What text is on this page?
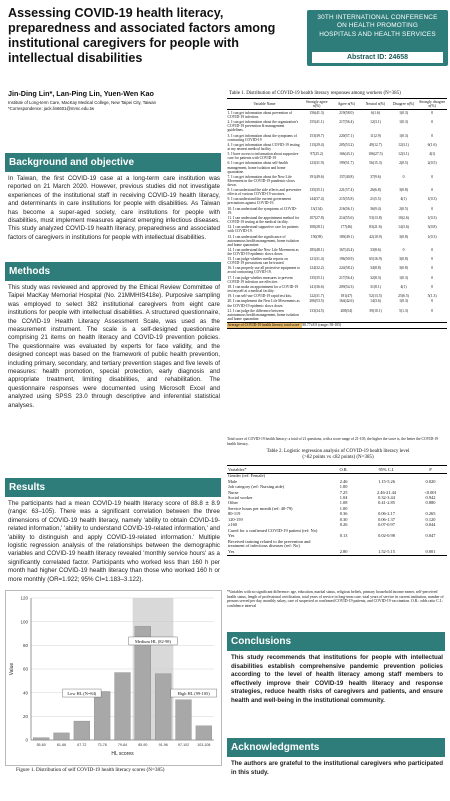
Assessing COVID-19 health literacy, preparedness and associated factors among institutional caregivers for people with intellectual disabilities
30TH INTERNATIONAL CONFERENCE
ON HEALTH PROMOTING
HOSPITALS AND HEALTH SERVICES
Abstract ID: 24658
Jin-Ding Lin*, Lan-Ping Lin, Yuen-Wen Kao
Institute of Long-term Care, MacKay Medical College, New Taipei City, Taiwan
*Correspondence: jack.lin6601@mmc.edu.tw
Background and objective
In Taiwan, the first COVID-19 case at a long-term care institution was reported on 21 March 2020. However, previous studies did not investigate experiences of the institutional staff in receiving COVID-19 health literacy, and determinants in care institutions for people with disabilities. As Taiwan has become a super-aged society, care institutions for people with disabilities, must implement measures against emerging infectious diseases. This study analyzed COVID-19 health literacy, preparedness and associated factors of caregivers in institutions for people with intellectual disabilities.
Methods
This study was reviewed and approved by the Ethical Review Committee of Taipei MacKay Memorial Hospital (No. 21MMHIS418e). Purposive sampling was employed to select 382 institutional caregivers from eight care institutions for people with intellectual disabilities. A structured questionnaire, the COVID-19 Health Literacy Assessment Scale, was used as the measurement instrument. The scale is a self-designed questionnaire comprising 21 items on health literacy and COVID-19 prevention policies. The questionnaire was evaluated by experts for face validity, and the designed concept was based on the framework of public health prevention, including primary, secondary, and tertiary prevention stages and five levels of measures: health promotion, special protection, early diagnosis and appropriate treatment, limiting disabilities, and rehabilitation. The questionnaire responses were documented using Microsoft Excel and analyzed using SPSS 23.0 through descriptive and inferential statistical analyses.
Results
The participants had a mean COVID-19 health literacy score of 88.8 ± 8.9 (range: 63–105). There was a significant correlation between the three dimensions of COVID-19 health literacy, namely 'ability to obtain COVID-19-related information,' 'ability to understand COVID-19-related information,' and 'ability to distinguish and apply COVID-19-related information.' Multiple logistic regression analysis of the relationships between the demographic variables and COVID-19 health literacy revealed 'monthly service hours' as a significantly correlated factor. Participants who worked less than 160 h per month had higher COVID-19 health literacy than those who worked 160 h or more monthly (OR=1.922; 95% CI=1.183–3.122).
0
20
40
60
80
100
120
55-60	61-66	67-72	73-78	79-84	85-90	91-96	97-102 103-108
Low HL (N=84)
Medium HL (82-98)
High HL (99-105)
HL scores
Value
Figure 1. Distribution of self COVID-19 health literacy scores (N=385)
Table 1. Distribution of COVID-19 health literacy responses among workers (N=385)
Variable Name	Strongly agree n(%)	Agree n(%)	Neutral n(%)	Disagree n(%)	Strongly disagree n(%)
1. I can get information about prevention of COVID-19 infection.	156(41.3)	219(58.0)	6(1.6)	1(0.3)	0
2. I can get information about the organization's COVID-19 prevention & management guidelines.	155(41.1)	217(56.4)	12(3.1)	1(0.3)	0
3. I can get information about the symptoms of contracting COVID-19	153(39.7)	220(57.1)	11(2.9)	1(0.3)	0
4. I can get information about COVID-19 testing at my nearest medical facility	113(29.4)	205(53.2)	49(12.7)	12(3.1)	6(1.6)
5. I have access to information about supportive care for patients with COVID-19	97(25.2)	166(43.1)	106(27.5)	12(3.1)	4(1)
6. I can get information about self-health management, home isolation and home quarantine.	123(31.9)	199(51.7)	56(15.3)	2(0.5)	2(0.5)
7. I can get information about the New Life Movement in the COVID-19 pandemic slows down.	191(49.6)	157(40.8)	37(9.6)	0	0
8. I can understand the side effects and preventive effects of various COVID-19 vaccines.	135(35.1)	221(57.4)	26(6.8)	3(0.8)	0
9. I can understand the current government precautions against COVID-19.	144(37.4)	215(55.8)	21(5.5)	4(1)	1(0.3)
10. I can understand the symptoms of COVID-19.	13(134)	216(56.1)	36(9.4)	2(0.5)	0
11. I can understand the appointment method for COVID-19 testing at the medical facility.	107(27.8)	214(55.6)	53(13.8)	10(2.6)	1(0.3)
12. I can understand supportive care for patients with COVID-19.	108(28.1)	177(46)	83(21.6)	14(3.6)	3(0.8)
13. I can understand the significance of autonomous health management, home isolation and home quarantine.	150(39)	189(49.1)	42(10.9)	3(0.8)	1(0.3)
14. I can understand the New Life Movement as the COVID-19 epidemic slows down.	185(48.1)	167(43.4)	33(8.6)	0	0
15. I can judge whether media reports on COVID-19 precautions can be trusted.	121(31.4)	196(50.9)	65(16.9)	3(0.8)	0
16. I can properly use all protective equipment to avoid contracting COVID-19.	124(32.2)	224(58.2)	34(8.8)	3(0.8)	0
17. I can judge whether measures to prevent COVID-19 infection are effective.	135(35.1)	217(56.4)	32(8.3)	1(0.3)	0
18. I can make an appointment for a COVID-19 test myself at a medical facility.	141(36.6)	209(54.3)	31(8.1)	4(1)	0
19. I can self-use COVID-19 rapid test kits.	122(31.7)	181(47)	52(13.5)	25(6.5)	5(1.3)
20. I can implement the New Life Movements as the COVID-19 epidemic slows down.	206(53.5)	164(42.6)	14(3.6)	1(0.3)	0
21. I can judge the difference between autonomous health management, home isolation and home quarantine.	133(34.5)	208(54)	39(10.1)	5(1.3)	0
Average of COVID-19 health literacy total score	88.77±8.9 (range: 58-105)				
Total score of COVID-19 health literacy: a total of 21 questions, with a score range of 21-105, the higher the score is, the better the COVID-19 health literacy.
Table 2. Logistic regression analysis of COVID-19 health literacy level
(>82 points vs ≤82 points) (N=385)
Variables*	O.R.	95% C.I.	P
Gender (ref: Female)			
Male	2.46	1.15-5.26	0.020
Job category (ref: Nursing aide)	1.00		
Nurse	7.25	2.46-21.44	<0.001
Social worker	1.04	0.32-3.44	0.942
Other	1.08	0.41-2.85	0.880
Service hours per month (ref: 40-79)	1.00		
80-119	0.36	0.06-2.17	0.265
120-159	0.30	0.06-1.37	0.120
≥160	0.26	0.07-0.97	0.044
Cared for a confirmed COVID-19 patient (ref: No)			
Yes	0.13	0.02-0.98	0.047
Received training related to the prevention and treatment of infectious diseases (ref: No)			
Yes	2.80	1.52-5.15	0.001
*Variables with no significant difference: age, education, marital status, religious beliefs, primary household income earner, self-perceived health status, length of professional certification, total years of service in long-term care, total years of service in current institution, number of persons served per day, monthly salary, care of suspected or confirmed COVID-19 patients, and COVID-19 vaccination. O.R.: odds ratio C.I.: confidence interval
Conclusions
This study recommends that institutions for people with intellectual disabilities establish comprehensive pandemic prevention policies according to the level of health literacy among staff members to effectively improve their COVID-19 health literacy and response strategies, reduce health risks of caregivers and patients, and ensure health and well-being in the institutional community.
Acknowledgments
The authors are grateful to the institutional caregivers who participated in this study.
